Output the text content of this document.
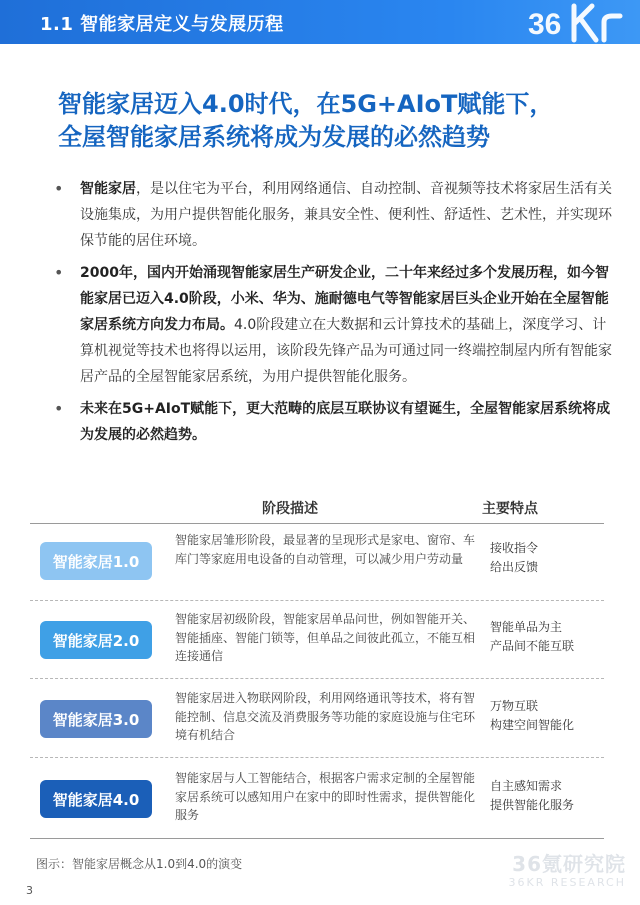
1.1 智能家居定义与发展历程	36
智能家居迈入4.0时代，在5G+AIoT赋能下，
全屋智能家居系统将成为发展的必然趋势
• 智能家居，是以住宅为平台，利用网络通信、自动控制、音视频等技术将家居生活有关设施集成，为用户提供智能化服务，兼具安全性、便利性、舒适性、艺术性，并实现环保节能的居住环境。
• 2000年，国内开始涌现智能家居生产研发企业，二十年来经过多个发展历程，如今智能家居已迈入4.0阶段，小米、华为、施耐德电气等智能家居巨头企业开始在全屋智能家居系统方向发力布局。4.0阶段建立在大数据和云计算技术的基础上，深度学习、计算机视觉等技术也将得以运用，该阶段先锋产品为可通过同一终端控制屋内所有智能家居产品的全屋智能家居系统，为用户提供智能化服务。
• 未来在5G+AIoT赋能下，更大范畴的底层互联协议有望诞生，全屋智能家居系统将成为发展的必然趋势。
阶段描述	主要特点
智能家居1.0
智能家居雏形阶段，最显著的呈现形式是家电、窗帘、车库门等家庭用电设备的自动管理，可以减少用户劳动量
接收指令
给出反馈
智能家居2.0
智能家居初级阶段，智能家居单品问世，例如智能开关、智能插座、智能门锁等，但单品之间彼此孤立，不能互相连接通信
智能单品为主
产品间不能互联
智能家居3.0
智能家居进入物联网阶段，利用网络通讯等技术，将有智能控制、信息交流及消费服务等功能的家庭设施与住宅环境有机结合
万物互联
构建空间智能化
智能家居4.0
智能家居与人工智能结合，根据客户需求定制的全屋智能家居系统可以感知用户在家中的即时性需求，提供智能化服务
自主感知需求
提供智能化服务
图示：智能家居概念从1.0到4.0的演变
3
36氪研究院
36KR RESEARCH
